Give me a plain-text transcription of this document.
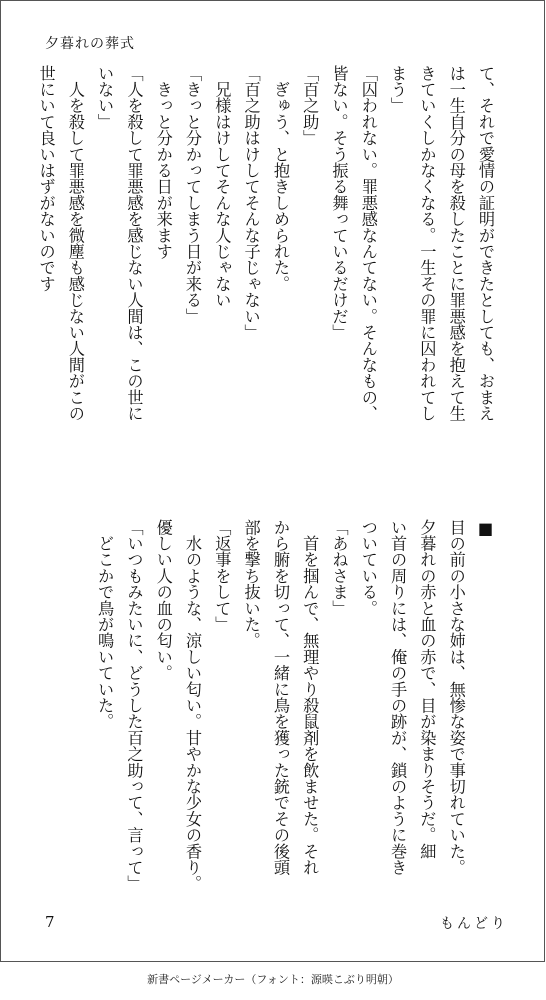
夕暮れの葬式
て、それで愛情の証明ができたとしても、おまえ
は一生自分の母を殺したことに罪悪感を抱えて生
きていくしかなくなる。一生その罪に囚われてし
まう」
「囚われない。罪悪感なんてない。そんなもの、
皆ない。そう振る舞っているだけだ」
「百之助」
　ぎゅう、と抱きしめられた。
「百之助はけしてそんな子じゃない」
　兄様はけしてそんな人じゃない
「きっと分かってしまう日が来る」
　きっと分かる日が来ます
「人を殺して罪悪感を感じない人間は、この世に
いない」
　人を殺して罪悪感を微塵も感じない人間がこの
世にいて良いはずがないのです
■
目の前の小さな姉は、無惨な姿で事切れていた。
夕暮れの赤と血の赤で、目が染まりそうだ。細
い首の周りには、俺の手の跡が、鎖のように巻き
ついている。
「あねさま」
　首を掴んで、無理やり殺鼠剤を飲ませた。それ
から腑を切って、一緒に鳥を獲った銃でその後頭
部を撃ち抜いた。
「返事をして」
　水のような、涼しい匂い。甘やかな少女の香り。
優しい人の血の匂い。
「いつもみたいに、どうした百之助って、言って」
　どこかで鳥が鳴いていた。
7	もんどり
新書ページメーカー（フォント：源暎こぶり明朝）
